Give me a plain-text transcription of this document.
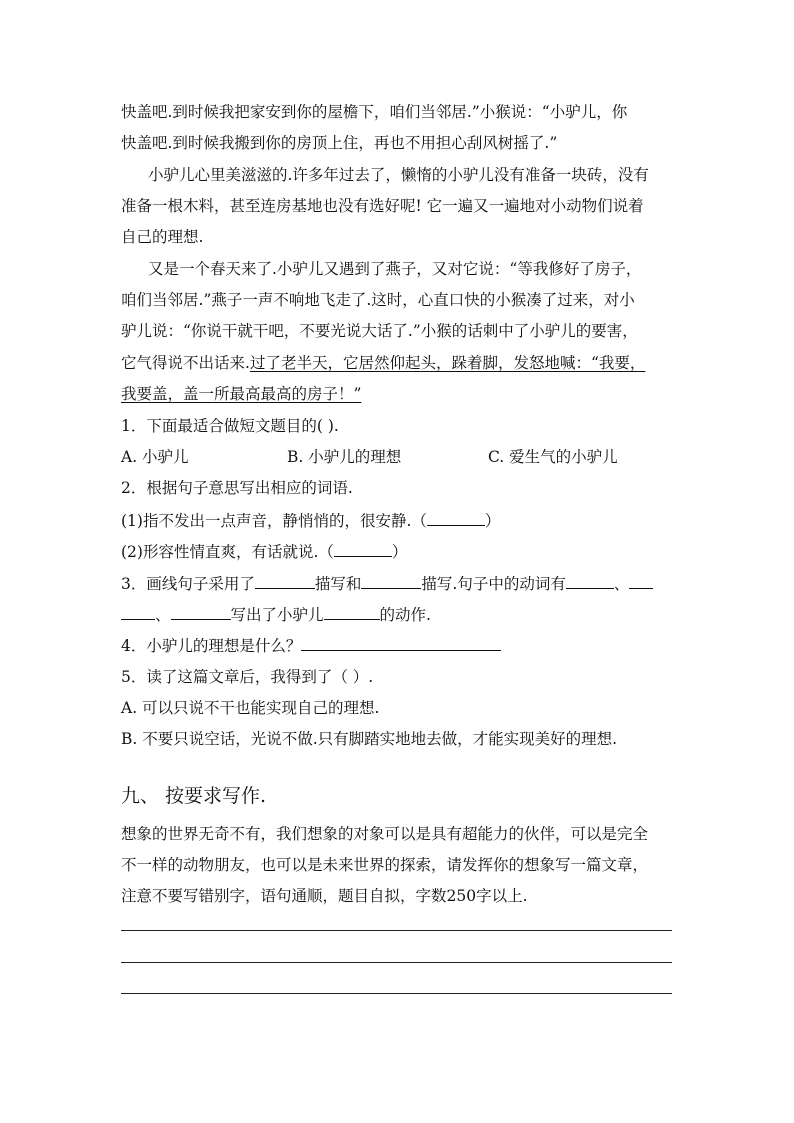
快盖吧.到时候我把家安到你的屋檐下，咱们当邻居.”小猴说：“小驴儿，你
快盖吧.到时候我搬到你的房顶上住，再也不用担心刮风树摇了.”
小驴儿心里美滋滋的.许多年过去了，懒惰的小驴儿没有准备一块砖，没有
准备一根木料，甚至连房基地也没有选好呢! 它一遍又一遍地对小动物们说着
自己的理想.
又是一个春天来了.小驴儿又遇到了燕子，又对它说：“等我修好了房子，
咱们当邻居.”燕子一声不响地飞走了.这时，心直口快的小猴凑了过来，对小
驴儿说：“你说干就干吧，不要光说大话了.”小猴的话刺中了小驴儿的要害，
它气得说不出话来.过了老半天，它居然仰起头，跺着脚，发怒地喊：“我要，
我要盖，盖一所最高最高的房子！”
1．下面最适合做短文题目的( ).
A. 小驴儿	B. 小驴儿的理想	C. 爱生气的小驴儿
2．根据句子意思写出相应的词语.
(1)指不发出一点声音，静悄悄的，很安静.（	）
(2)形容性情直爽，有话就说.（	）
3．画线句子采用了	描写和	描写.句子中的动词有	、
、	写出了小驴儿	的动作.
4．小驴儿的理想是什么？
5．读了这篇文章后，我得到了（ ）.
A. 可以只说不干也能实现自己的理想.
B. 不要只说空话，光说不做.只有脚踏实地地去做，才能实现美好的理想.
九、 按要求写作.
想象的世界无奇不有，我们想象的对象可以是具有超能力的伙伴，可以是完全
不一样的动物朋友，也可以是未来世界的探索，请发挥你的想象写一篇文章，
注意不要写错别字，语句通顺，题目自拟，字数250字以上.
